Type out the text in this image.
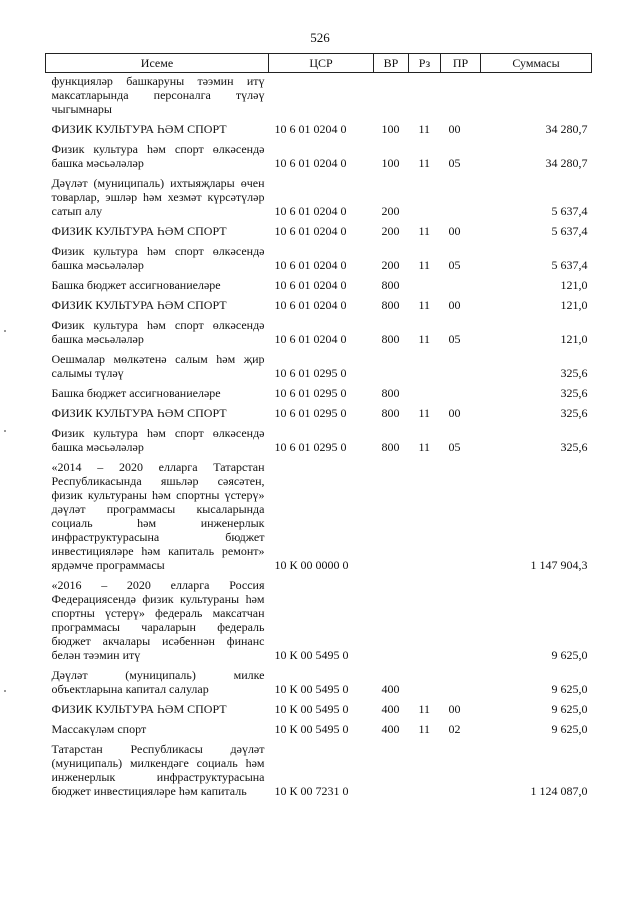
526
Исеме	ЦСР	ВР	Рз	ПР	Суммасы
функцияләр башкаруны тәэмин итү максатларында персоналга түләү чыгымнары					
ФИЗИК КУЛЬТУРА ҺӘМ СПОРТ	10 6 01 0204 0	100	11	00	34 280,7
Физик культура һәм спорт өлкәсендә башка мәсьәләләр	10 6 01 0204 0	100	11	05	34 280,7
Дәүләт (муниципаль) ихтыяҗлары өчен товарлар, эшләр һәм хезмәт күрсәтүләр сатып алу	10 6 01 0204 0	200			5 637,4
ФИЗИК КУЛЬТУРА ҺӘМ СПОРТ	10 6 01 0204 0	200	11	00	5 637,4
Физик культура һәм спорт өлкәсендә башка мәсьәләләр	10 6 01 0204 0	200	11	05	5 637,4
Башка бюджет ассигнованиеләре	10 6 01 0204 0	800			121,0
ФИЗИК КУЛЬТУРА ҺӘМ СПОРТ	10 6 01 0204 0	800	11	00	121,0
Физик культура һәм спорт өлкәсендә башка мәсьәләләр	10 6 01 0204 0	800	11	05	121,0
Оешмалар мөлкәтенә салым һәм җир салымы түләү	10 6 01 0295 0				325,6
Башка бюджет ассигнованиеләре	10 6 01 0295 0	800			325,6
ФИЗИК КУЛЬТУРА ҺӘМ СПОРТ	10 6 01 0295 0	800	11	00	325,6
Физик культура һәм спорт өлкәсендә башка мәсьәләләр	10 6 01 0295 0	800	11	05	325,6
«2014 – 2020 елларга Татарстан Республикасында яшьләр сәясәтен, физик культураны һәм спортны үстерү» дәүләт программасы кысаларында социаль һәм инженерлык инфраструктурасына бюджет инвестицияләре һәм капиталь ремонт» ярдәмче программасы	10 К 00 0000 0				1 147 904,3
«2016 – 2020 елларга Россия Федерациясендә физик культураны һәм спортны үстерү» федераль максатчан программасы чараларын федераль бюджет акчалары исәбеннән финанс белән тәэмин итү	10 К 00 5495 0				9 625,0
Дәүләт (муниципаль) милке объектларына капитал салулар	10 К 00 5495 0	400			9 625,0
ФИЗИК КУЛЬТУРА ҺӘМ СПОРТ	10 К 00 5495 0	400	11	00	9 625,0
Массакүләм спорт	10 К 00 5495 0	400	11	02	9 625,0
Татарстан Республикасы дәүләт (муниципаль) милкендәге социаль һәм инженерлык инфраструктурасына бюджет инвестицияләре һәм капиталь	10 К 00 7231 0				1 124 087,0
